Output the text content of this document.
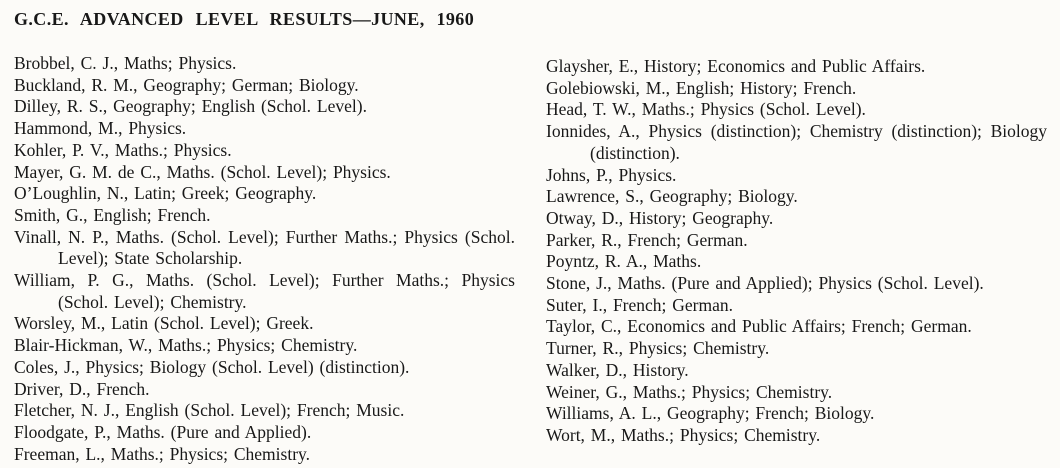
G.C.E. ADVANCED LEVEL RESULTS—JUNE, 1960
Brobbel, C. J., Maths; Physics.
Buckland, R. M., Geography; German; Biology.
Dilley, R. S., Geography; English (Schol. Level).
Hammond, M., Physics.
Kohler, P. V., Maths.; Physics.
Mayer, G. M. de C., Maths. (Schol. Level); Physics.
O’Loughlin, N., Latin; Greek; Geography.
Smith, G., English; French.
Vinall, N. P., Maths. (Schol. Level); Further Maths.; Physics (Schol. Level); State Scholarship.
William, P. G., Maths. (Schol. Level); Further Maths.; Physics (Schol. Level); Chemistry.
Worsley, M., Latin (Schol. Level); Greek.
Blair-Hickman, W., Maths.; Physics; Chemistry.
Coles, J., Physics; Biology (Schol. Level) (distinction).
Driver, D., French.
Fletcher, N. J., English (Schol. Level); French; Music.
Floodgate, P., Maths. (Pure and Applied).
Freeman, L., Maths.; Physics; Chemistry.
Glaysher, E., History; Economics and Public Affairs.
Golebiowski, M., English; History; French.
Head, T. W., Maths.; Physics (Schol. Level).
Ionnides, A., Physics (distinction); Chemistry (distinction); Biology (distinction).
Johns, P., Physics.
Lawrence, S., Geography; Biology.
Otway, D., History; Geography.
Parker, R., French; German.
Poyntz, R. A., Maths.
Stone, J., Maths. (Pure and Applied); Physics (Schol. Level).
Suter, I., French; German.
Taylor, C., Economics and Public Affairs; French; German.
Turner, R., Physics; Chemistry.
Walker, D., History.
Weiner, G., Maths.; Physics; Chemistry.
Williams, A. L., Geography; French; Biology.
Wort, M., Maths.; Physics; Chemistry.
